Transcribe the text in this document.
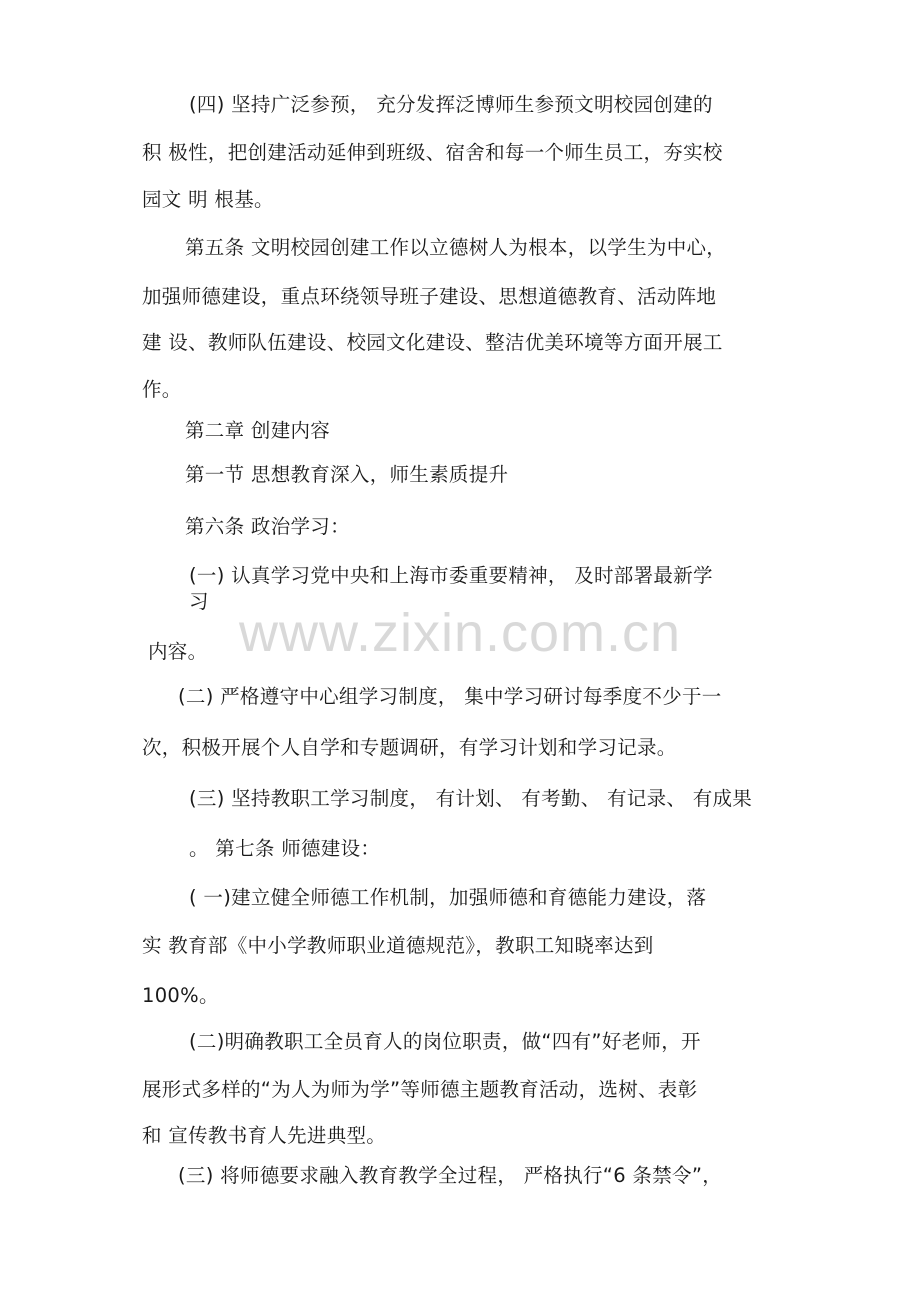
(四) 坚持广泛参预， 充分发挥泛博师生参预文明校园创建的
积 极性，把创建活动延伸到班级、宿舍和每一个师生员工，夯实校
园文 明 根基。
第五条 文明校园创建工作以立德树人为根本，以学生为中心，
加强师德建设，重点环绕领导班子建设、思想道德教育、活动阵地
建 设、教师队伍建设、校园文化建设、整洁优美环境等方面开展工
作。
第二章 创建内容
第一节 思想教育深入，师生素质提升
第六条 政治学习：
(一) 认真学习党中央和上海市委重要精神， 及时部署最新学
习
内容。
(二) 严格遵守中心组学习制度， 集中学习研讨每季度不少于一
次，积极开展个人自学和专题调研，有学习计划和学习记录。
(三) 坚持教职工学习制度， 有计划、 有考勤、 有记录、 有成果
。 第七条 师德建设：
( 一)建立健全师德工作机制，加强师德和育德能力建设，落
实 教育部《中小学教师职业道德规范》，教职工知晓率达到
100%。
(二)明确教职工全员育人的岗位职责，做“四有”好老师，开
展形式多样的“为人为师为学”等师德主题教育活动，选树、表彰
和 宣传教书育人先进典型。
(三) 将师德要求融入教育教学全过程， 严格执行“6 条禁令”，
www.zixin.com.cn
